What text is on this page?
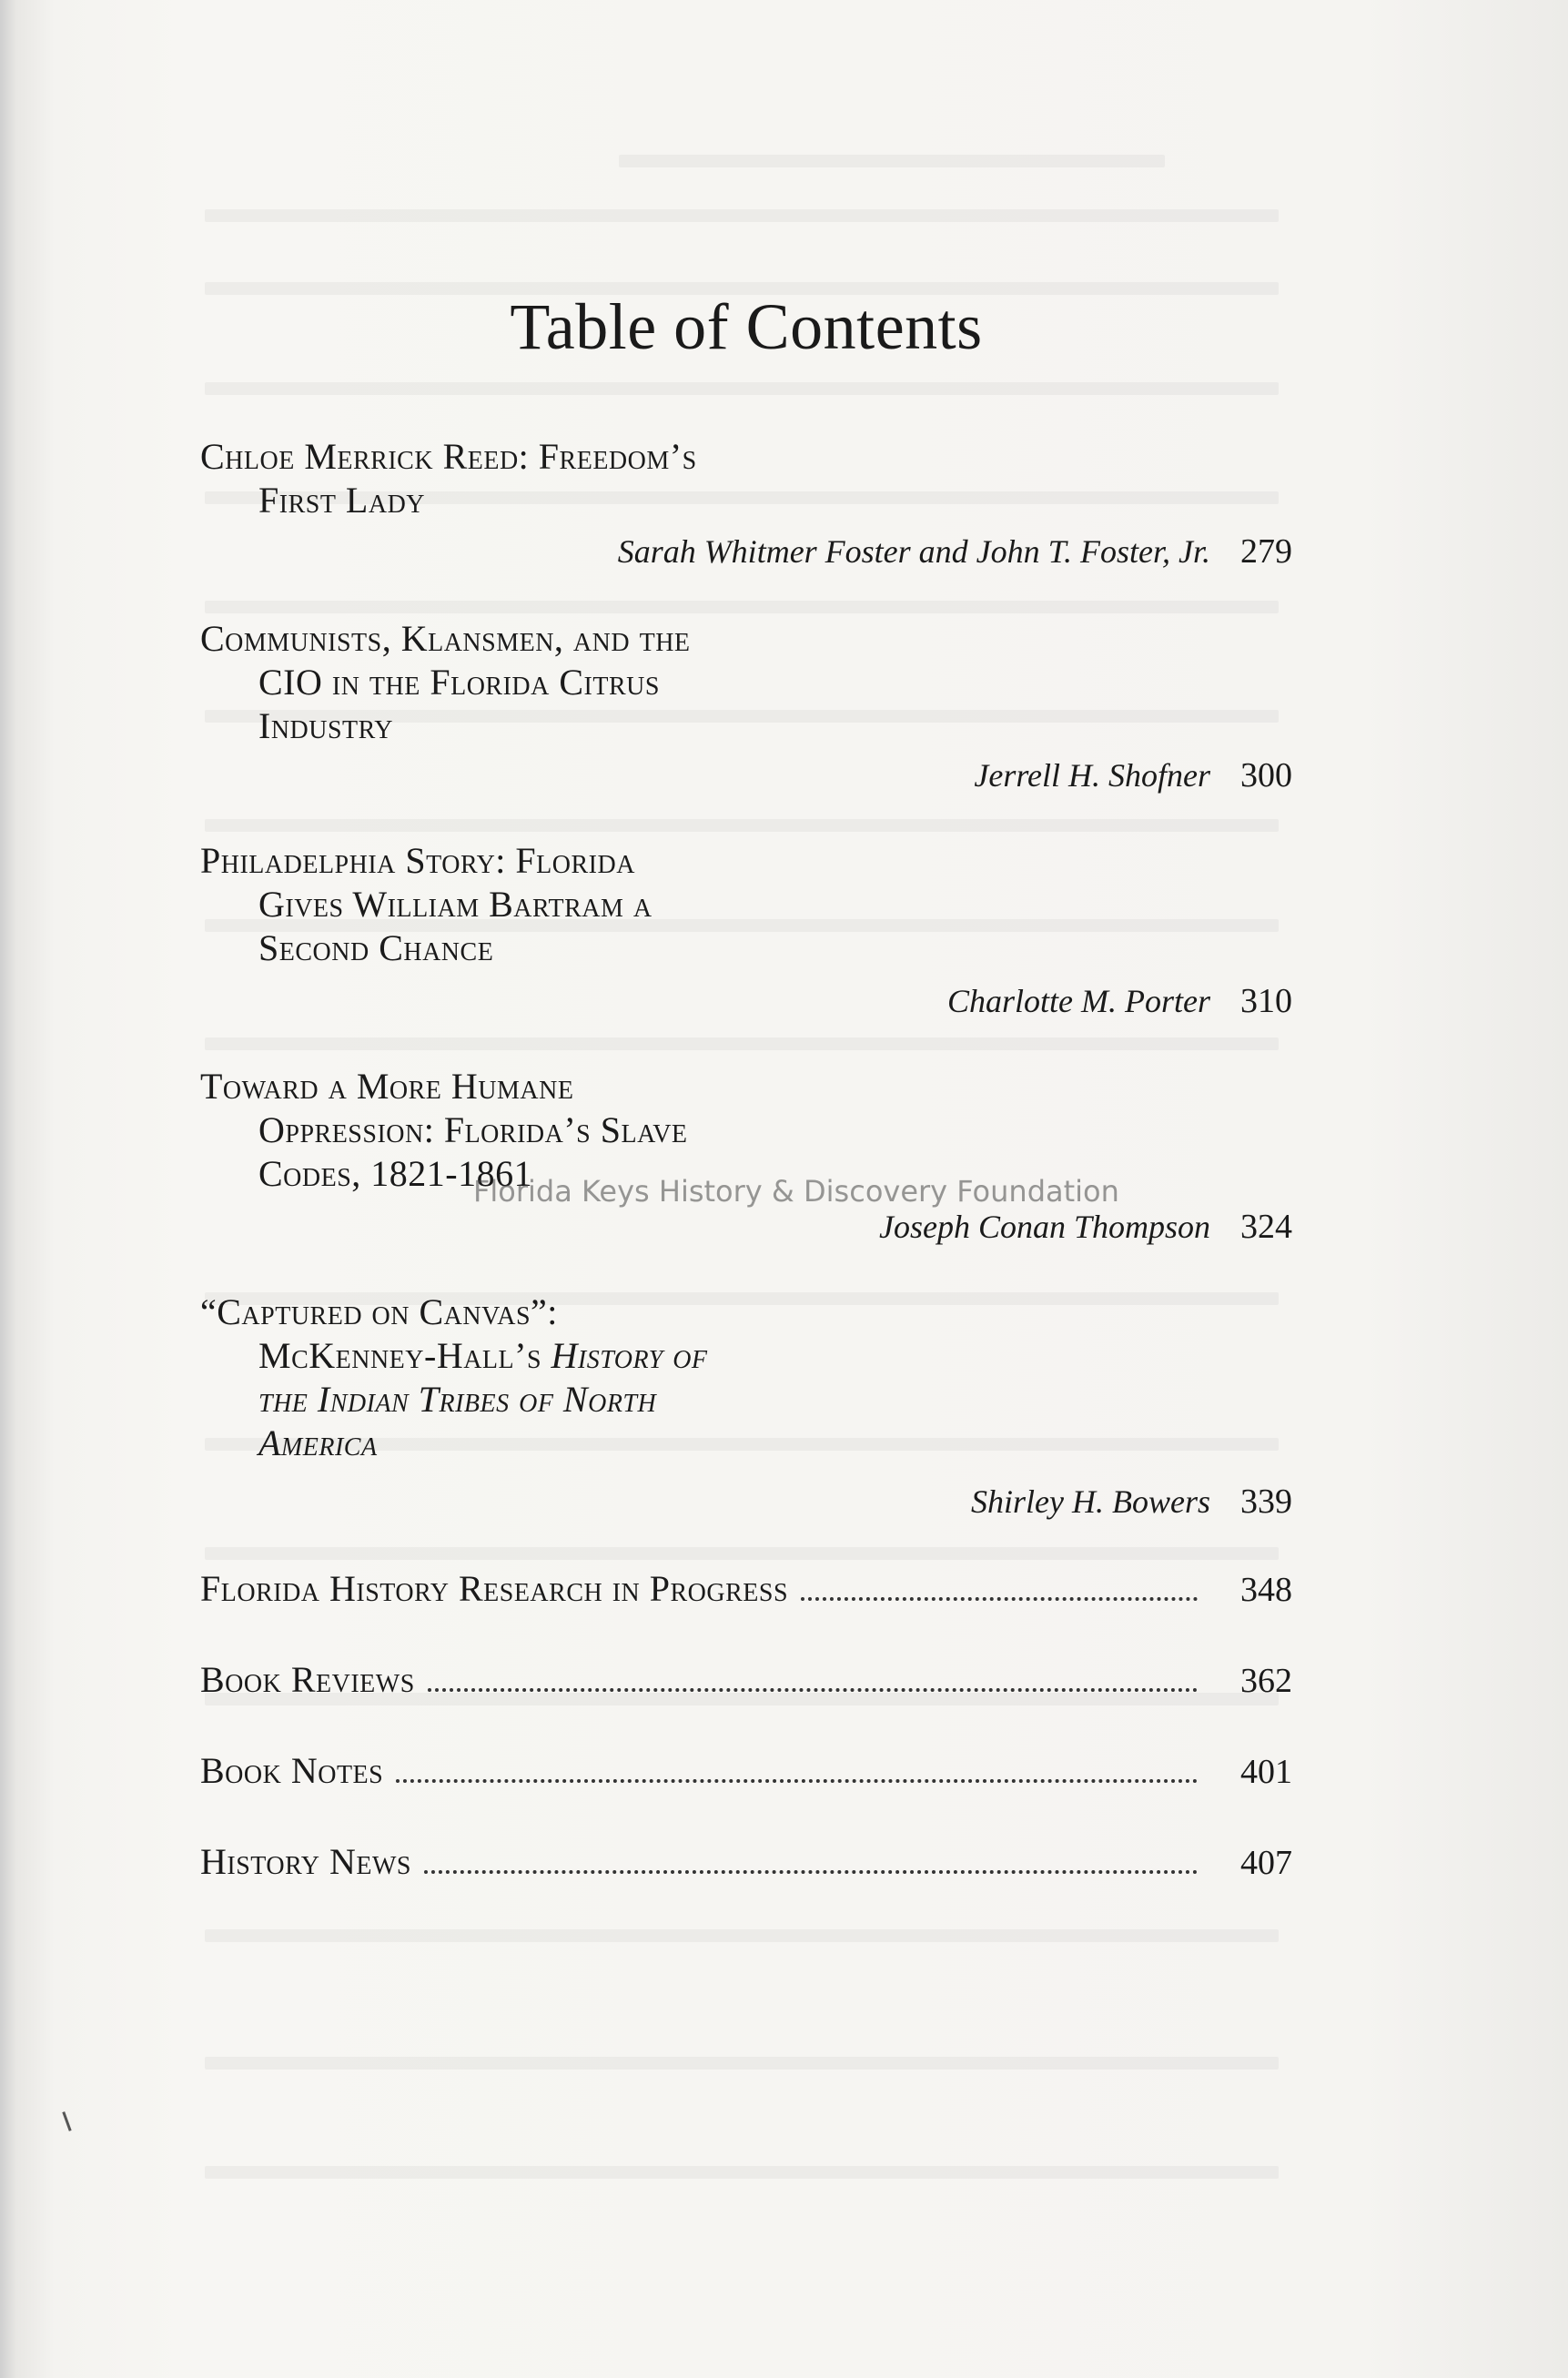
Table of Contents
Chloe Merrick Reed: Freedom’s
First Lady
Sarah Whitmer Foster and John T. Foster, Jr. 279
Communists, Klansmen, and the
CIO in the Florida Citrus
Industry
Jerrell H. Shofner 300
Philadelphia Story: Florida
Gives William Bartram a
Second Chance
Charlotte M. Porter 310
Toward a More Humane
Oppression: Florida’s Slave
Codes, 1821-1861
Joseph Conan Thompson 324
“Captured on Canvas”:
McKenney-Hall’s History of
the Indian Tribes of North
America
Shirley H. Bowers 339
Florida History Research in Progress	348
Book Reviews	362
Book Notes	401
History News	407
Florida Keys History & Discovery Foundation
